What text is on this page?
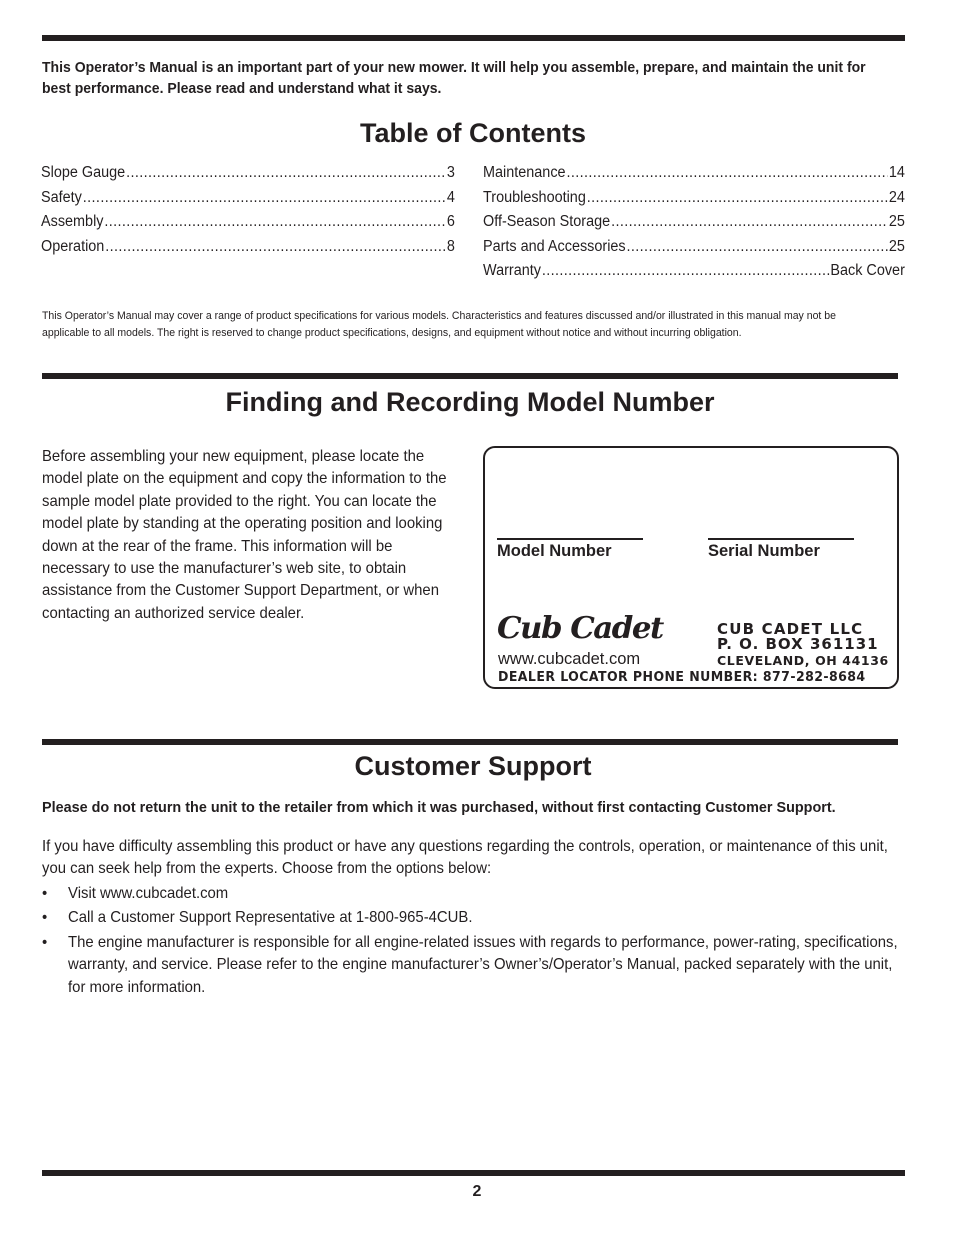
This Operator’s Manual is an important part of your new mower. It will help you assemble, prepare, and maintain the unit for best performance. Please read and understand what it says.
Table of Contents
Slope Gauge .....	3
Safety .....	4
Assembly .....	6
Operation .....	8
Maintenance .....	14
Troubleshooting .....	24
Off-Season Storage .....	25
Parts and Accessories .....	25
Warranty .....	Back Cover
This Operator’s Manual may cover a range of product specifications for various models. Characteristics and features discussed and/or illustrated in this manual may not be applicable to all models. The right is reserved to change product specifications, designs, and equipment without notice and without incurring obligation.
Finding and Recording Model Number
Before assembling your new equipment, please locate the model plate on the equipment and copy the information to the sample model plate provided to the right. You can locate the model plate by standing at the operating position and looking down at the rear of the frame. This information will be necessary to use the manufacturer’s web site, to obtain assistance from the Customer Support Department, or when contacting an authorized service dealer.
Model Number	Serial Number
Cub Cadet
www.cubcadet.com
CUB CADET LLC
P. O. BOX 361131
CLEVELAND, OH 44136
DEALER LOCATOR PHONE NUMBER: 877-282-8684
Customer Support
Please do not return the unit to the retailer from which it was purchased, without first contacting Customer Support.
If you have difficulty assembling this product or have any questions regarding the controls, operation, or maintenance of this unit, you can seek help from the experts. Choose from the options below:
• Visit www.cubcadet.com
• Call a Customer Support Representative at 1-800-965-4CUB.
• The engine manufacturer is responsible for all engine-related issues with regards to performance, power-rating, specifications, warranty, and service. Please refer to the engine manufacturer’s Owner’s/Operator’s Manual, packed separately with the unit, for more information.
2
